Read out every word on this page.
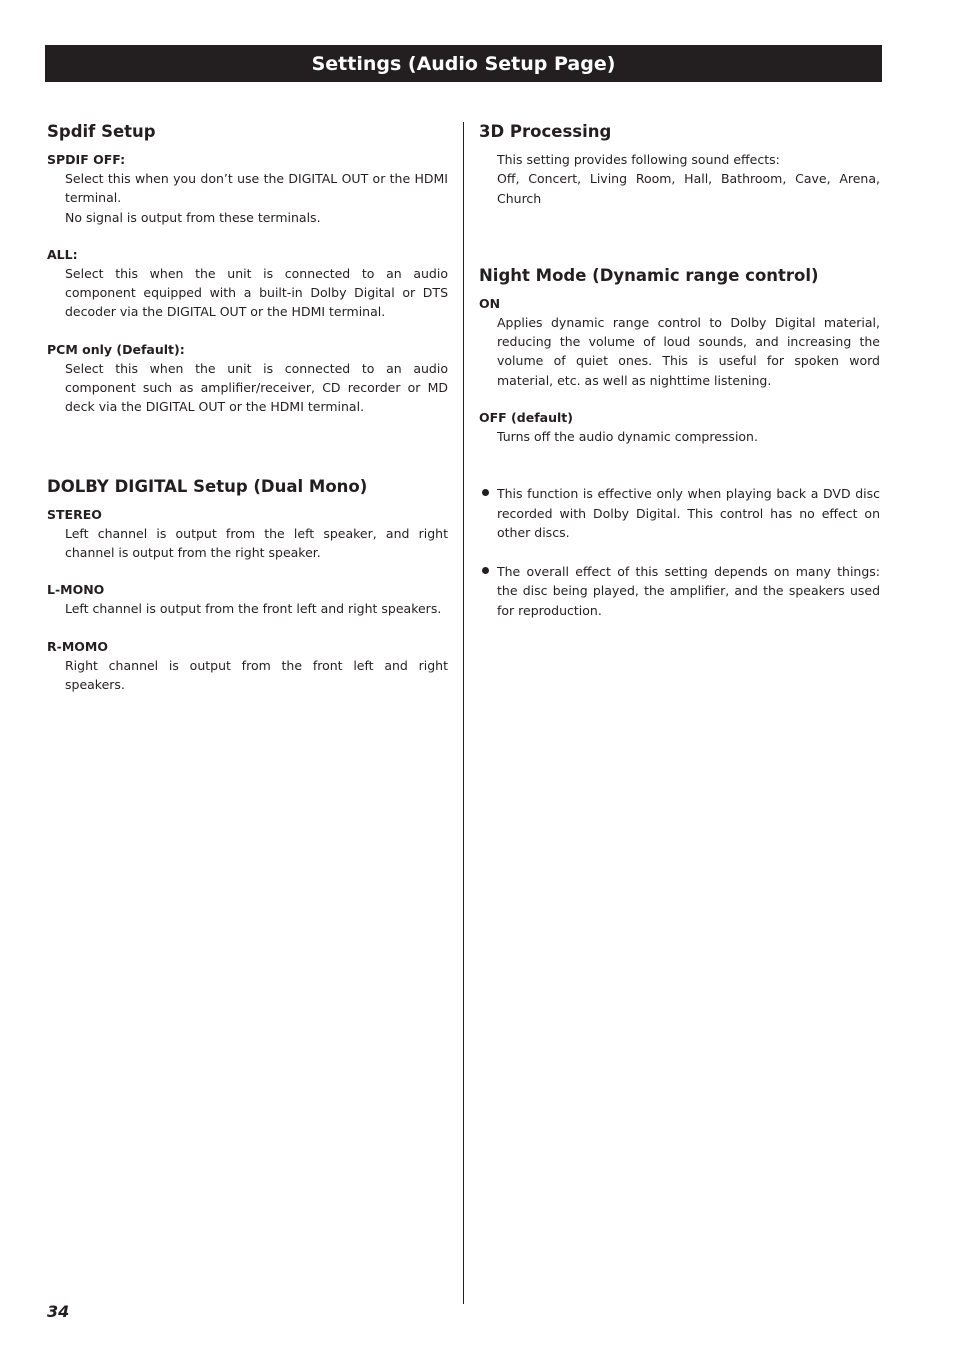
Settings (Audio Setup Page)
Spdif Setup
SPDIF OFF:

Select this when you don’t use the DIGITAL OUT or the HDMI terminal.

No signal is output from these terminals.

ALL:
Select this when the unit is connected to an audio component equipped with a built-in Dolby Digital or DTS decoder via the DIGITAL OUT or the HDMI terminal.
PCM only (Default):
Select this when the unit is connected to an audio component such as amplifier/receiver, CD recorder or MD deck via the DIGITAL OUT or the HDMI terminal.
DOLBY DIGITAL Setup (Dual Mono)
STEREO
Left channel is output from the left speaker, and right channel is output from the right speaker.
L-MONO
Left channel is output from the front left and right speakers.
R-MOMO
Right channel is output from the front left and right speakers.
3D Processing

This setting provides following sound effects:

Off, Concert, Living Room, Hall, Bathroom, Cave, Arena, Church

Night Mode (Dynamic range control)
ON
Applies dynamic range control to Dolby Digital material, reducing the volume of loud sounds, and increasing the volume of quiet ones. This is useful for spoken word material, etc. as well as nighttime listening.
OFF (default)
Turns off the audio dynamic compression.
This function is effective only when playing back a DVD disc recorded with Dolby Digital. This control has no effect on other discs.
The overall effect of this setting depends on many things: the disc being played, the amplifier, and the speakers used for reproduction.
34
